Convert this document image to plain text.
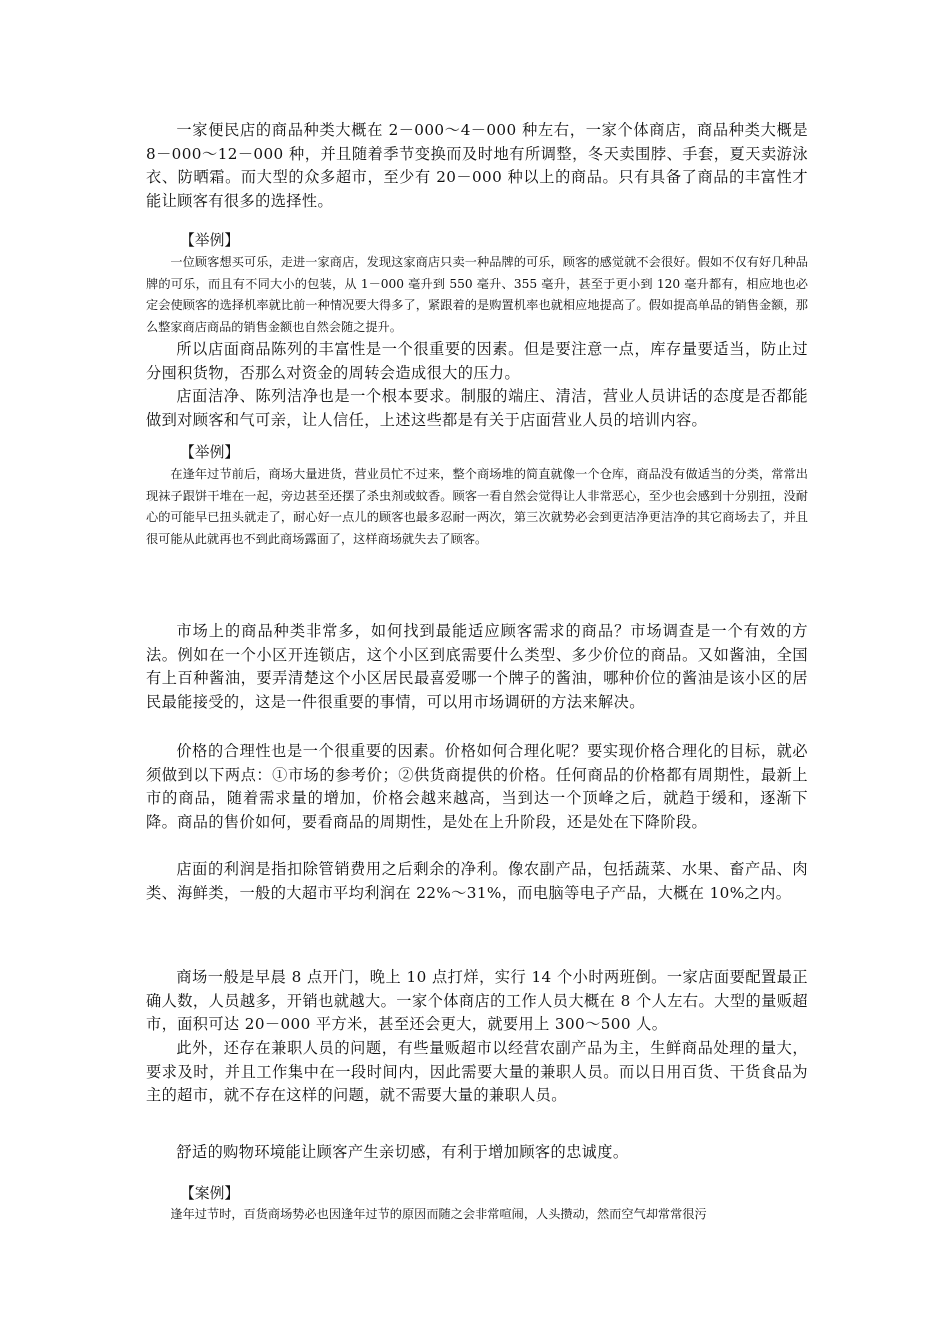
一家便民店的商品种类大概在 2－000～4－000 种左右，一家个体商店，商品种类大概是 8－000～12－000 种，并且随着季节变换而及时地有所调整，冬天卖围脖、手套，夏天卖游泳衣、防晒霜。而大型的众多超市，至少有 20－000 种以上的商品。只有具备了商品的丰富性才能让顾客有很多的选择性。

【举例】

一位顾客想买可乐，走进一家商店，发现这家商店只卖一种品牌的可乐，顾客的感觉就不会很好。假如不仅有好几种品牌的可乐，而且有不同大小的包装，从 1－000 毫升到 550 毫升、355 毫升，甚至于更小到 120 毫升都有，相应地也必定会使顾客的选择机率就比前一种情况要大得多了，紧跟着的是购置机率也就相应地提高了。假如提高单品的销售金额，那么整家商店商品的销售金额也自然会随之提升。

所以店面商品陈列的丰富性是一个很重要的因素。但是要注意一点，库存量要适当，防止过分囤积货物，否那么对资金的周转会造成很大的压力。

店面洁净、陈列洁净也是一个根本要求。制服的端庄、清洁，营业人员讲话的态度是否都能做到对顾客和气可亲，让人信任，上述这些都是有关于店面营业人员的培训内容。

【举例】

在逢年过节前后，商场大量进货，营业员忙不过来，整个商场堆的简直就像一个仓库，商品没有做适当的分类，常常出现袜子跟饼干堆在一起，旁边甚至还摆了杀虫剂或蚊香。顾客一看自然会觉得让人非常恶心，至少也会感到十分别扭，没耐心的可能早已扭头就走了，耐心好一点儿的顾客也最多忍耐一两次，第三次就势必会到更洁净更洁净的其它商场去了，并且很可能从此就再也不到此商场露面了，这样商场就失去了顾客。

市场上的商品种类非常多，如何找到最能适应顾客需求的商品？市场调查是一个有效的方法。例如在一个小区开连锁店，这个小区到底需要什么类型、多少价位的商品。又如酱油，全国有上百种酱油，要弄清楚这个小区居民最喜爱哪一个牌子的酱油，哪种价位的酱油是该小区的居民最能接受的，这是一件很重要的事情，可以用市场调研的方法来解决。

价格的合理性也是一个很重要的因素。价格如何合理化呢？要实现价格合理化的目标，就必须做到以下两点：①市场的参考价；②供货商提供的价格。任何商品的价格都有周期性，最新上市的商品，随着需求量的增加，价格会越来越高，当到达一个顶峰之后，就趋于缓和，逐渐下降。商品的售价如何，要看商品的周期性，是处在上升阶段，还是处在下降阶段。

店面的利润是指扣除管销费用之后剩余的净利。像农副产品，包括蔬菜、水果、畜产品、肉类、海鲜类，一般的大超市平均利润在 22%～31%，而电脑等电子产品，大概在 10%之内。

商场一般是早晨 8 点开门，晚上 10 点打烊，实行 14 个小时两班倒。一家店面要配置最正确人数，人员越多，开销也就越大。一家个体商店的工作人员大概在 8 个人左右。大型的量贩超市，面积可达 20－000 平方米，甚至还会更大，就要用上 300～500 人。

此外，还存在兼职人员的问题，有些量贩超市以经营农副产品为主，生鲜商品处理的量大，要求及时，并且工作集中在一段时间内，因此需要大量的兼职人员。而以日用百货、干货食品为主的超市，就不存在这样的问题，就不需要大量的兼职人员。

舒适的购物环境能让顾客产生亲切感，有利于增加顾客的忠诚度。

【案例】

逢年过节时，百货商场势必也因逢年过节的原因而随之会非常喧闹，人头攒动，然而空气却常常很污
